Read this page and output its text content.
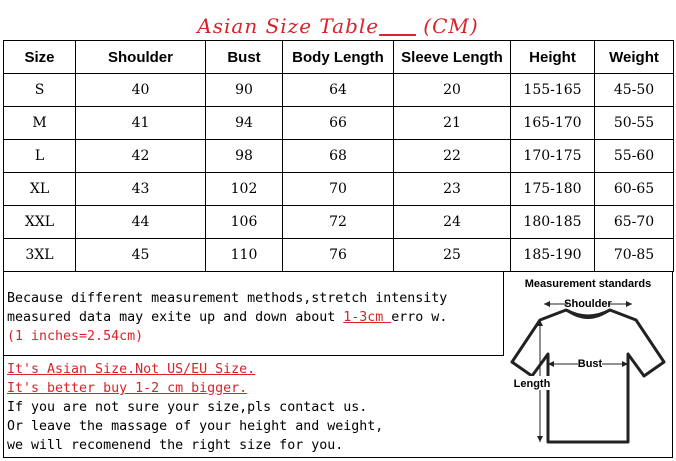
Asian Size Table (CM)
Size	Shoulder	Bust	Body Length	Sleeve Length	Height	Weight
S	40	90	64	20	155-165	45-50
M	41	94	66	21	165-170	50-55
L	42	98	68	22	170-175	55-60
XL	43	102	70	23	175-180	60-65
XXL	44	106	72	24	180-185	65-70
3XL	45	110	76	25	185-190	70-85
Because different measurement methods,stretch intensity
measured data may exite up and down about 1-3cm erro w.
(1 inches=2.54cm)
It's Asian Size.Not US/EU Size.
It's better buy 1-2 cm bigger.
If you are not sure your size,pls contact us.
Or leave the massage of your height and weight,
we will recomenend the right size for you.
Measurement standards
Shoulder
Bust
Length
